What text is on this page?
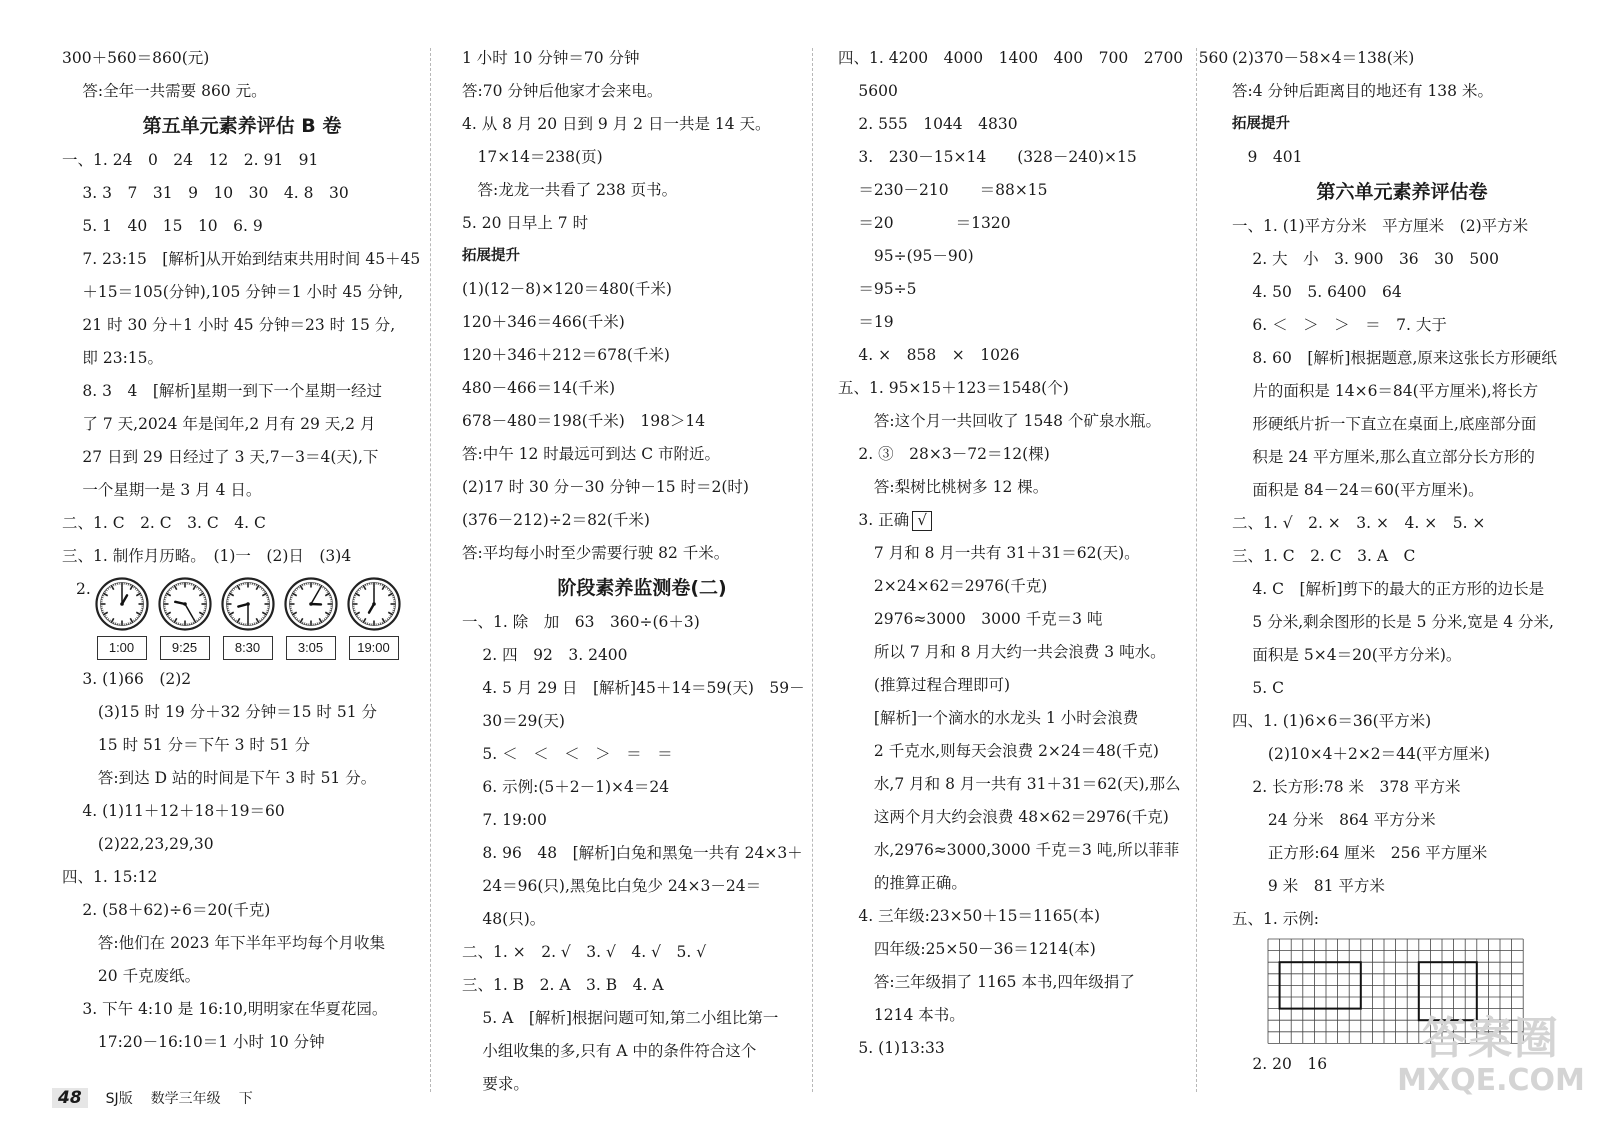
300＋560＝860(元)
　 答:全年一共需要 860 元。
第五单元素养评估 B 卷
一、1. 24　0　24　12　2. 91　91
　 3. 3　7　31　9　10　30　4. 8　30
　 5. 1　40　15　10　6. 9
　 7. 23:15　[解析]从开始到结束共用时间 45＋45
　 ＋15＝105(分钟),105 分钟＝1 小时 45 分钟,
　 21 时 30 分＋1 小时 45 分钟＝23 时 15 分,
　 即 23:15。
　 8. 3　4　[解析]星期一到下一个星期一经过
　 了 7 天,2024 年是闰年,2 月有 29 天,2 月
　 27 日到 29 日经过了 3 天,7－3＝4(天),下
　 一个星期一是 3 月 4 日。
二、1. C　2. C　3. C　4. C
三、1. 制作月历略。　(1)一　(2)日　(3)4
2.
1:00	9:25	8:30	3:05	19:00
　 3. (1)66　(2)2
　 　(3)15 时 19 分＋32 分钟＝15 时 51 分
　 　15 时 51 分＝下午 3 时 51 分
　 　答:到达 D 站的时间是下午 3 时 51 分。
　 4. (1)11＋12＋18＋19＝60
　 　(2)22,23,29,30
四、1. 15:12
　 2. (58＋62)÷6＝20(千克)
　 　答:他们在 2023 年下半年平均每个月收集
　 　20 千克废纸。
　 3. 下午 4:10 是 16:10,明明家在华夏花园。
　 　17:20－16:10＝1 小时 10 分钟
1 小时 10 分钟＝70 分钟
答:70 分钟后他家才会来电。
4. 从 8 月 20 日到 9 月 2 日一共是 14 天。
　17×14＝238(页)
　答:龙龙一共看了 238 页书。
5. 20 日早上 7 时
拓展提升
(1)(12－8)×120＝480(千米)
120＋346＝466(千米)
120＋346＋212＝678(千米)
480－466＝14(千米)
678－480＝198(千米)　198＞14
答:中午 12 时最远可到达 C 市附近。
(2)17 时 30 分－30 分钟－15 时＝2(时)
(376－212)÷2＝82(千米)
答:平均每小时至少需要行驶 82 千米。
阶段素养监测卷(二)
一、1. 除　加　63　360÷(6＋3)
　 2. 四　92　3. 2400
　 4. 5 月 29 日　[解析]45＋14＝59(天)　59－
　 30＝29(天)
　 5. ＜　＜　＜　＞　＝　＝
　 6. 示例:(5＋2－1)×4＝24
　 7. 19:00
　 8. 96　48　[解析]白兔和黑兔一共有 24×3＋
　 24＝96(只),黑兔比白兔少 24×3－24＝
　 48(只)。
二、1. ×　2. √　3. √　4. √　5. √
三、1. B　2. A　3. B　4. A
　 5. A　[解析]根据问题可知,第二小组比第一
　 小组收集的多,只有 A 中的条件符合这个
　 要求。
四、1. 4200　4000　1400　400　700　2700　560
　 5600
　 2. 555　1044　4830
　 3.　230－15×14　　(328－240)×15
　 ＝230－210　　＝88×15
　 ＝20　　　　＝1320
　 　95÷(95－90)
　 ＝95÷5
　 ＝19
　 4. ×　858　×　1026
五、1. 95×15＋123＝1548(个)
　 　答:这个月一共回收了 1548 个矿泉水瓶。
　 2. ③　28×3－72＝12(棵)
　 　答:梨树比桃树多 12 棵。
　 3. 正确 √
　 　7 月和 8 月一共有 31＋31＝62(天)。
　 　2×24×62＝2976(千克)
　 　2976≈3000　3000 千克＝3 吨
　 　所以 7 月和 8 月大约一共会浪费 3 吨水。
　 　(推算过程合理即可)
　 　[解析]一个滴水的水龙头 1 小时会浪费
　 　2 千克水,则每天会浪费 2×24＝48(千克)
　 　水,7 月和 8 月一共有 31＋31＝62(天),那么
　 　这两个月大约会浪费 48×62＝2976(千克)
　 　水,2976≈3000,3000 千克＝3 吨,所以菲菲
　 　的推算正确。
　 4. 三年级:23×50＋15＝1165(本)
　 　四年级:25×50－36＝1214(本)
　 　答:三年级捐了 1165 本书,四年级捐了
　 　1214 本书。
　 5. (1)13:33
(2)370－58×4＝138(米)
答:4 分钟后距离目的地还有 138 米。
拓展提升
　9　401
第六单元素养评估卷
一、1. (1)平方分米　平方厘米　(2)平方米
　 2. 大　小　3. 900　36　30　500
　 4. 50　5. 6400　64
　 6. ＜　＞　＞　＝　7. 大于
　 8. 60　[解析]根据题意,原来这张长方形硬纸
　 片的面积是 14×6＝84(平方厘米),将长方
　 形硬纸片折一下直立在桌面上,底座部分面
　 积是 24 平方厘米,那么直立部分长方形的
　 面积是 84－24＝60(平方厘米)。
二、1. √　2. ×　3. ×　4. ×　5. ×
三、1. C　2. C　3. A　C
　 4. C　[解析]剪下的最大的正方形的边长是
　 5 分米,剩余图形的长是 5 分米,宽是 4 分米,
　 面积是 5×4＝20(平方分米)。
　 5. C
四、1. (1)6×6＝36(平方米)
　 　(2)10×4＋2×2＝44(平方厘米)
　 2. 长方形:78 米　378 平方米
　 　24 分米　864 平方分米
　 　正方形:64 厘米　256 平方厘米
　 　9 米　81 平方米
五、1. 示例:
　 2. 20　16
48	SJ版 数学三年级 下
答案圈
MXQE.COM
